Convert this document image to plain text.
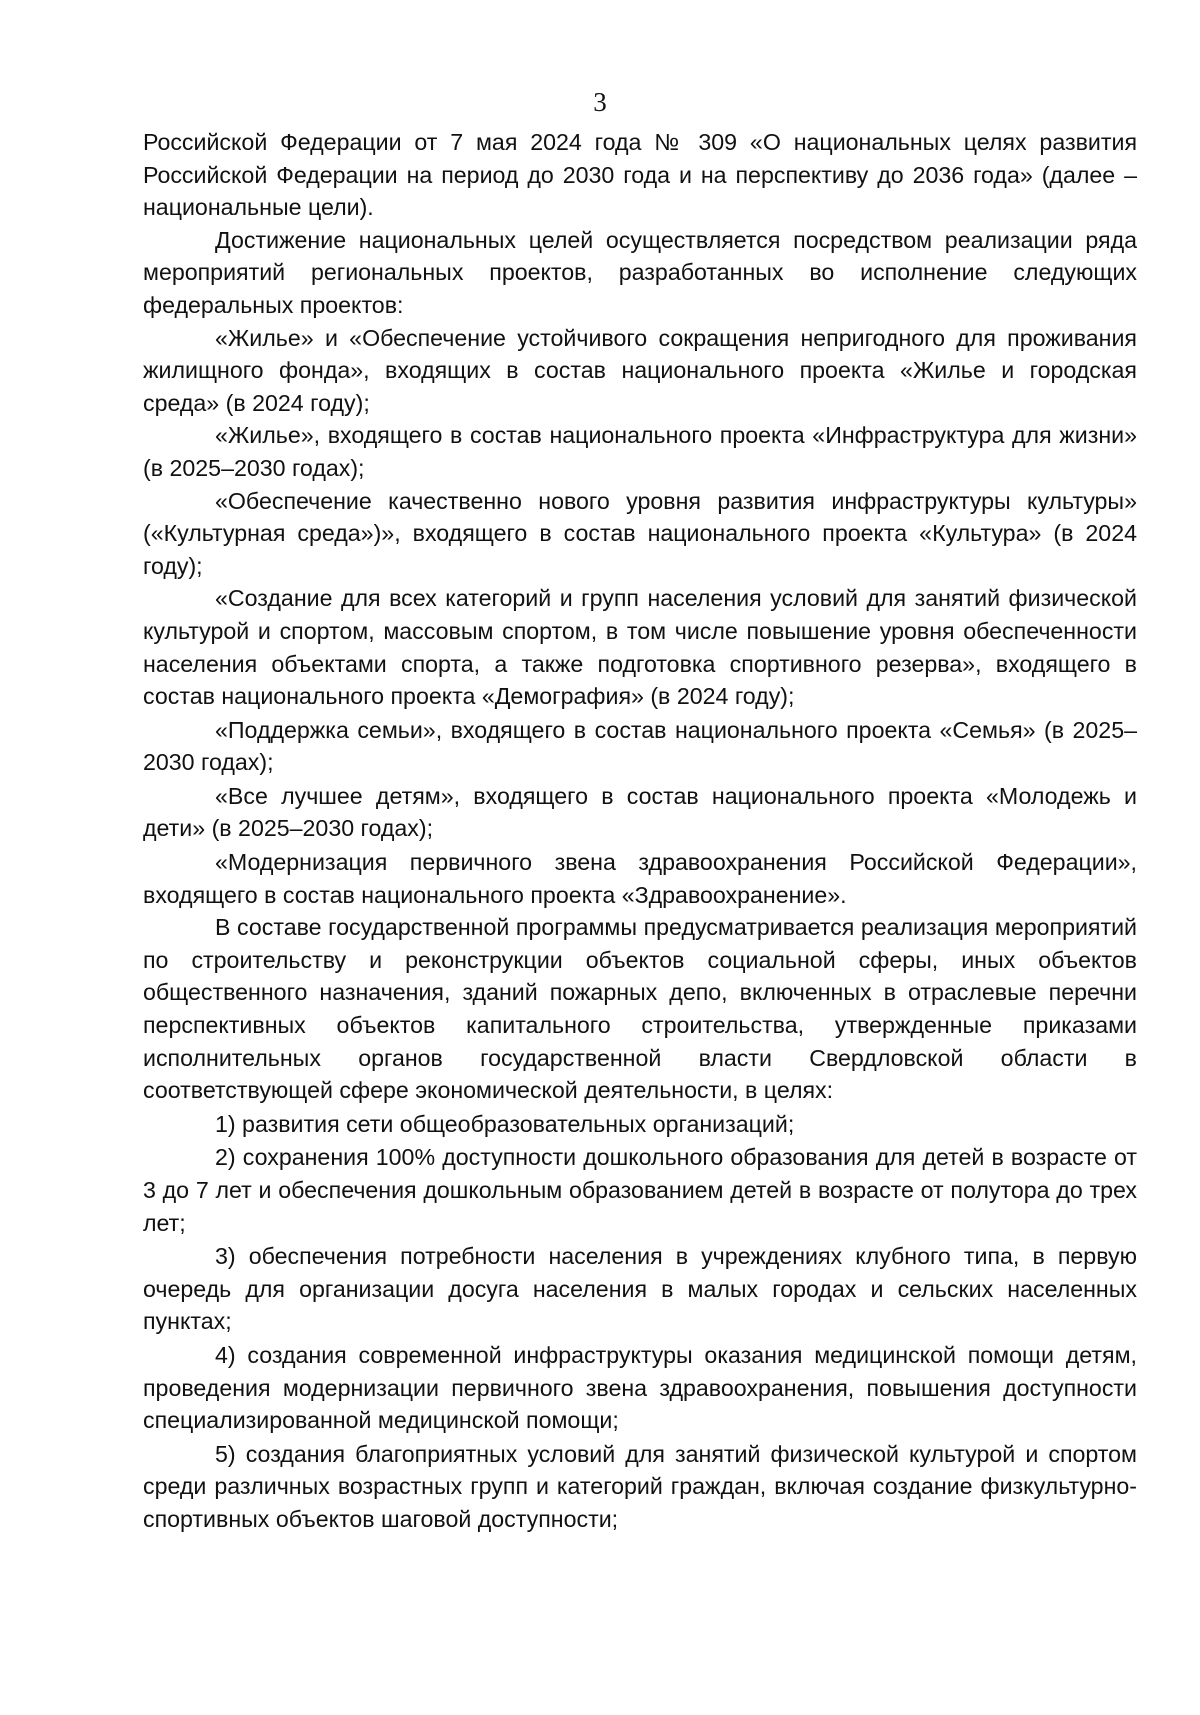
3

Российской Федерации от 7 мая 2024 года № 309 «О национальных целях развития Российской Федерации на период до 2030 года и на перспективу до 2036 года» (далее – национальные цели).

Достижение национальных целей осуществляется посредством реализации ряда мероприятий региональных проектов, разработанных во исполнение следующих федеральных проектов:

«Жилье» и «Обеспечение устойчивого сокращения непригодного для проживания жилищного фонда», входящих в состав национального проекта «Жилье и городская среда» (в 2024 году);

«Жилье», входящего в состав национального проекта «Инфраструктура для жизни» (в 2025–2030 годах);

«Обеспечение качественно нового уровня развития инфраструктуры культуры» («Культурная среда»)», входящего в состав национального проекта «Культура» (в 2024 году);

«Создание для всех категорий и групп населения условий для занятий физической культурой и спортом, массовым спортом, в том числе повышение уровня обеспеченности населения объектами спорта, а также подготовка спортивного резерва», входящего в состав национального проекта «Демография» (в 2024 году);

«Поддержка семьи», входящего в состав национального проекта «Семья» (в 2025–2030 годах);

«Все лучшее детям», входящего в состав национального проекта «Молодежь и дети» (в 2025–2030 годах);

«Модернизация первичного звена здравоохранения Российской Федерации», входящего в состав национального проекта «Здравоохранение».

В составе государственной программы предусматривается реализация мероприятий по строительству и реконструкции объектов социальной сферы, иных объектов общественного назначения, зданий пожарных депо, включенных в отраслевые перечни перспективных объектов капитального строительства, утвержденные приказами исполнительных органов государственной власти Свердловской области в соответствующей сфере экономической деятельности, в целях:

1) развития сети общеобразовательных организаций;

2) сохранения 100% доступности дошкольного образования для детей в возрасте от 3 до 7 лет и обеспечения дошкольным образованием детей в возрасте от полутора до трех лет;

3) обеспечения потребности населения в учреждениях клубного типа, в первую очередь для организации досуга населения в малых городах и сельских населенных пунктах;

4) создания современной инфраструктуры оказания медицинской помощи детям, проведения модернизации первичного звена здравоохранения, повышения доступности специализированной медицинской помощи;

5) создания благоприятных условий для занятий физической культурой и спортом среди различных возрастных групп и категорий граждан, включая создание физкультурно-спортивных объектов шаговой доступности;
